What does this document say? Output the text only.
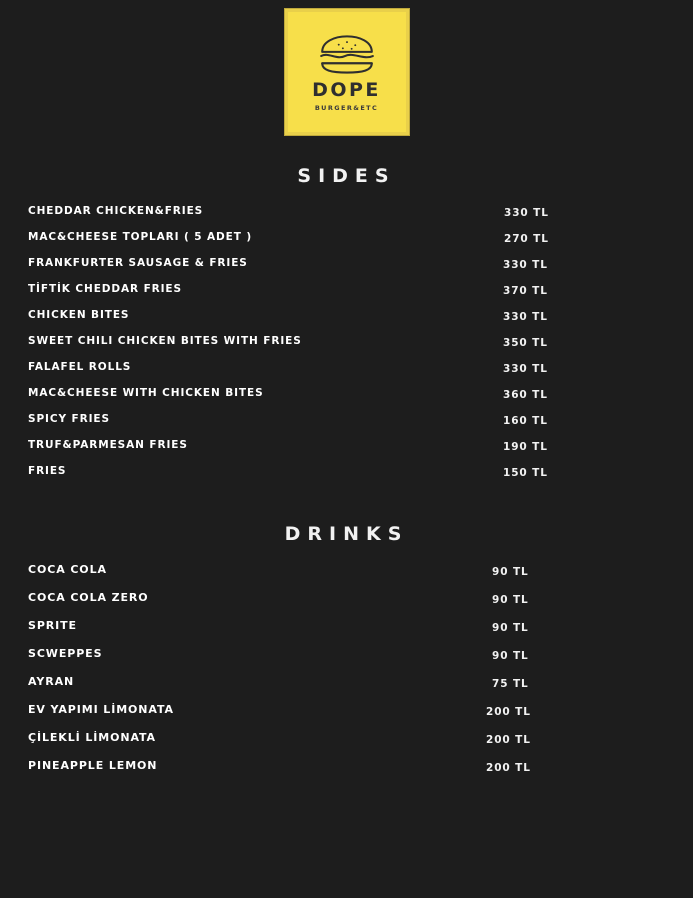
DOPE
BURGER&ETC
SIDES
CHEDDAR CHICKEN&FRIES	330 TL
MAC&CHEESE TOPLARI ( 5 ADET )	270 TL
FRANKFURTER SAUSAGE & FRIES	330 TL
TİFTİK CHEDDAR FRIES	370 TL
CHICKEN BITES	330 TL
SWEET CHILI CHICKEN BITES WITH FRIES	350 TL
FALAFEL ROLLS	330 TL
MAC&CHEESE WITH CHICKEN BITES	360 TL
SPICY FRIES	160 TL
TRUF&PARMESAN FRIES	190 TL
FRIES	150 TL
DRINKS
COCA COLA	90 TL
COCA COLA ZERO	90 TL
SPRITE	90 TL
SCWEPPES	90 TL
AYRAN	75 TL
EV YAPIMI LİMONATA	200 TL
ÇİLEKLİ LİMONATA	200 TL
PINEAPPLE LEMON	200 TL
